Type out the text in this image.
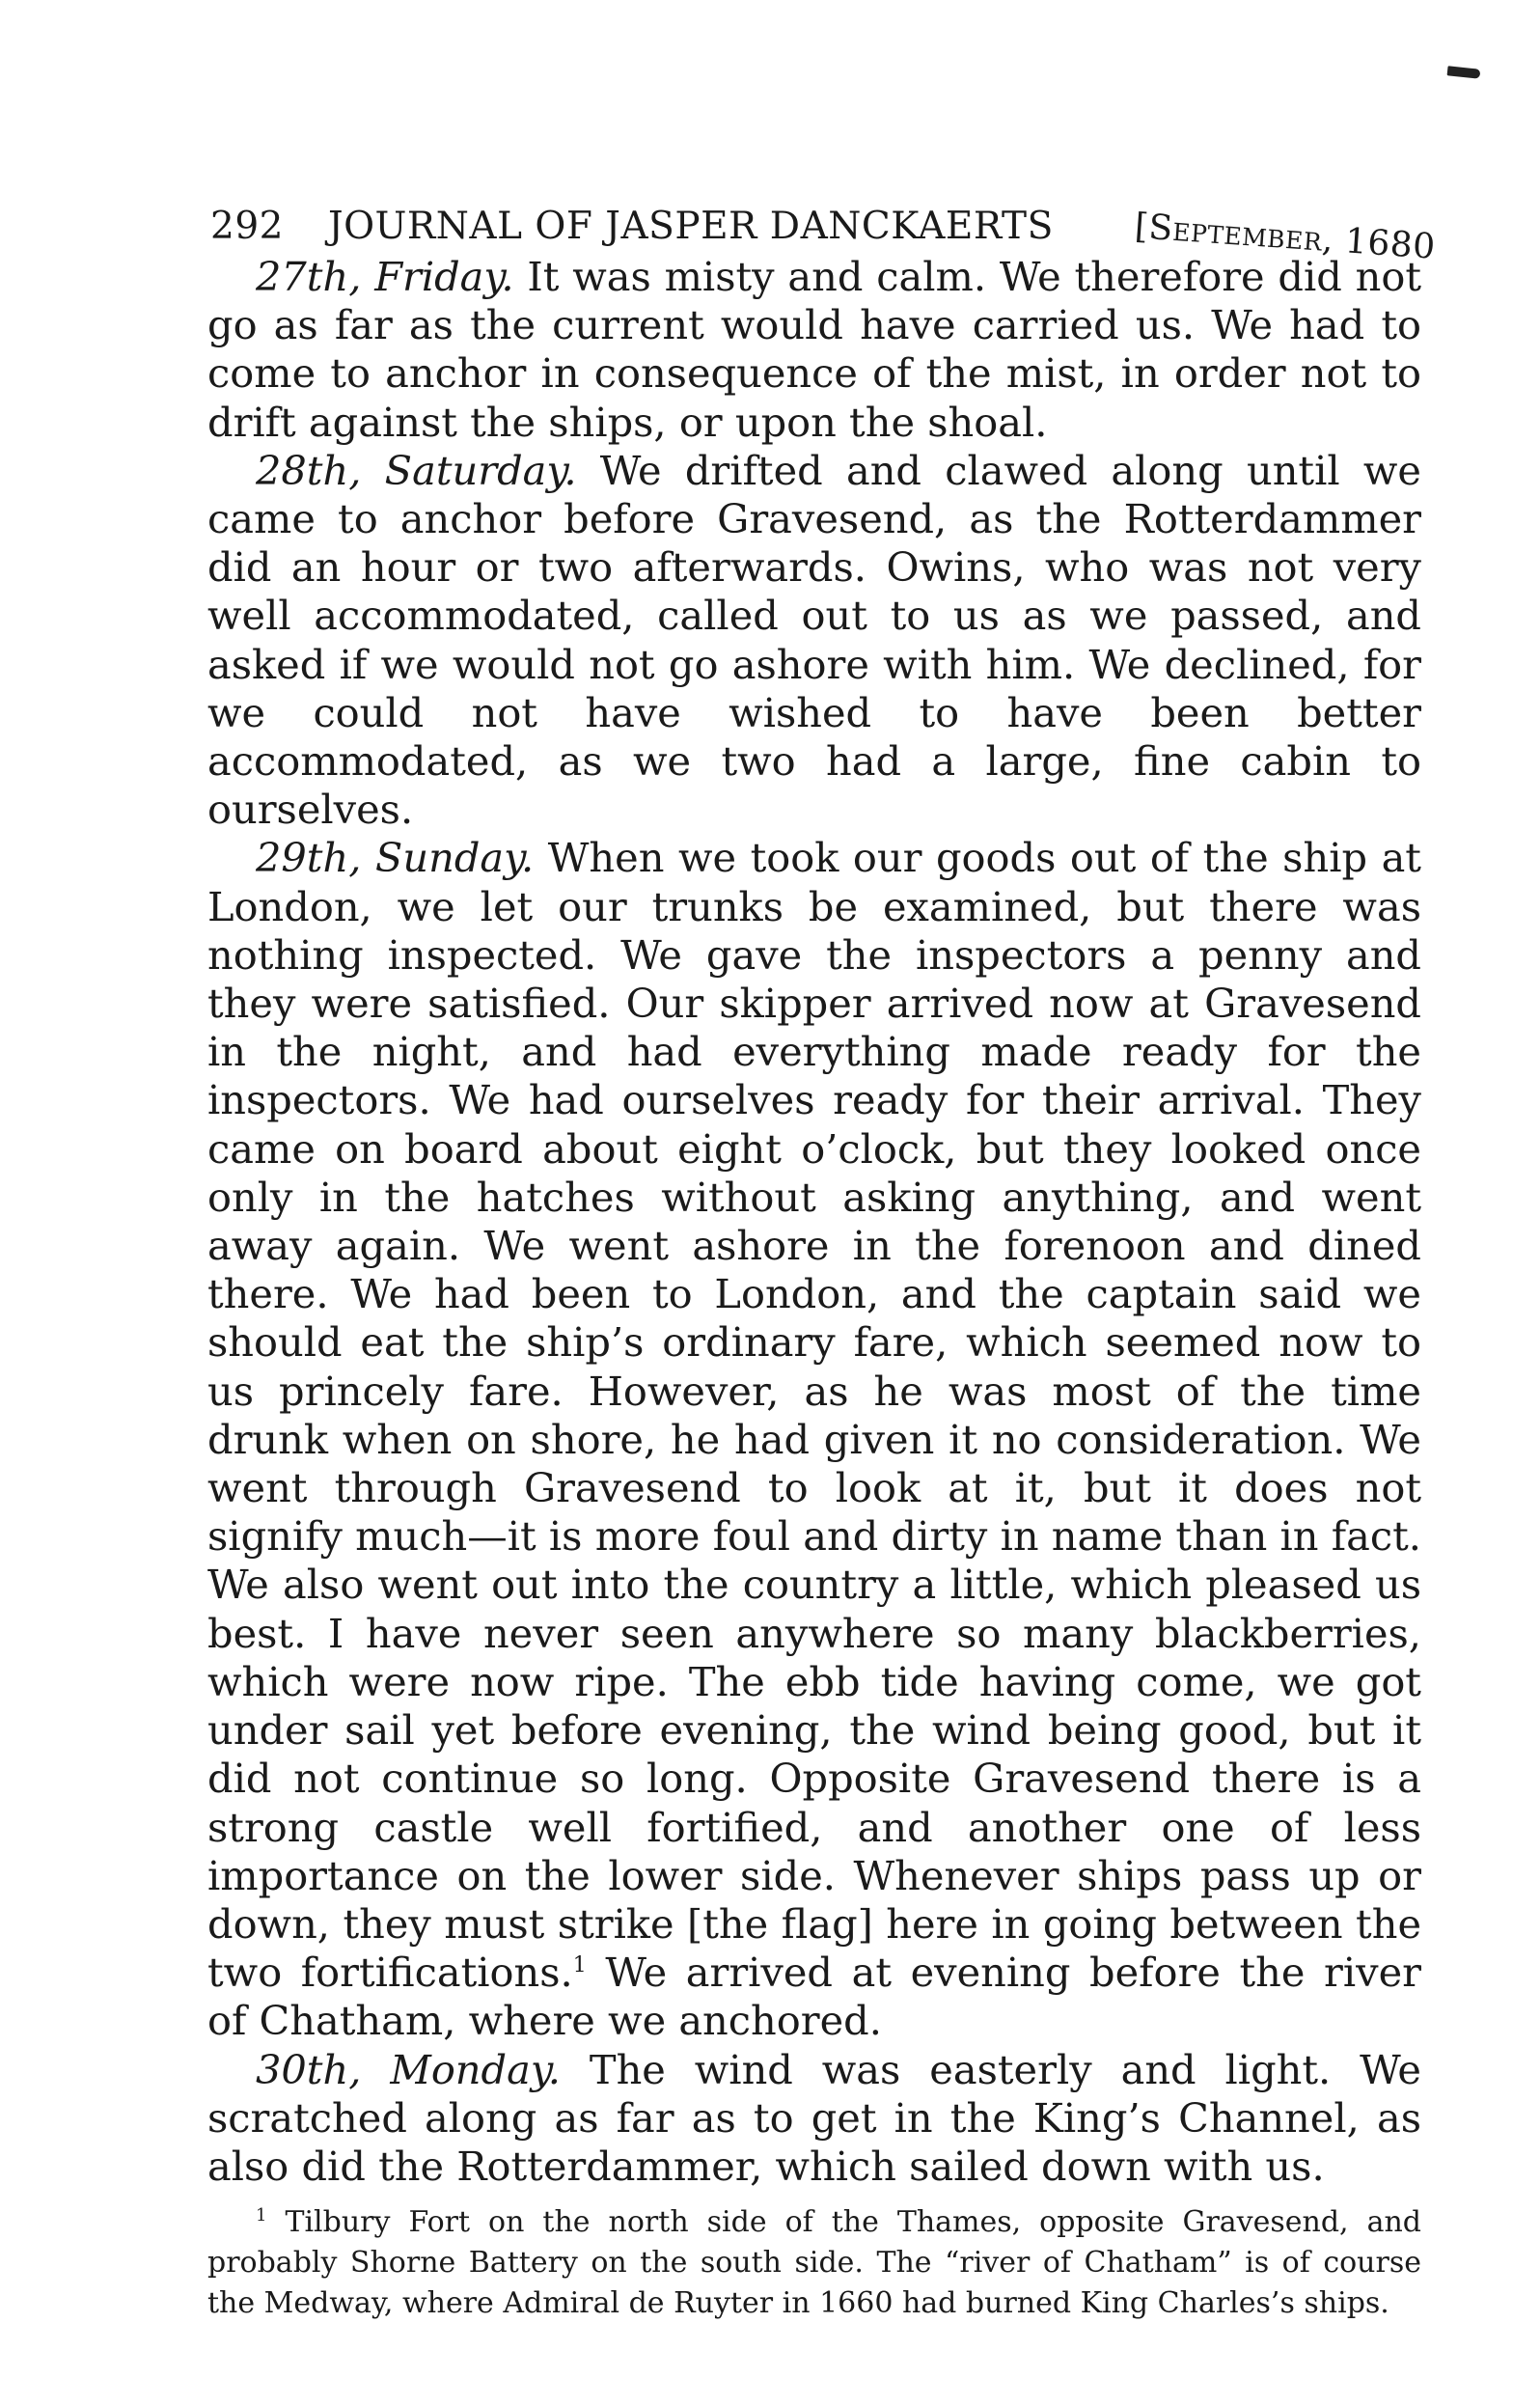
292 JOURNAL OF JASPER DANCKAERTS [September, 1680

27th, Friday. It was misty and calm. We therefore did not go as far as the current would have carried us. We had to come to anchor in consequence of the mist, in order not to drift against the ships, or upon the shoal.

28th, Saturday. We drifted and clawed along until we came to anchor before Gravesend, as the Rotterdammer did an hour or two afterwards. Owins, who was not very well accommodated, called out to us as we passed, and asked if we would not go ashore with him. We declined, for we could not have wished to have been better accommodated, as we two had a large, fine cabin to ourselves.

29th, Sunday. When we took our goods out of the ship at London, we let our trunks be examined, but there was nothing inspected. We gave the inspectors a penny and they were satisfied. Our skipper arrived now at Gravesend in the night, and had everything made ready for the inspectors. We had ourselves ready for their arrival. They came on board about eight o’clock, but they looked once only in the hatches without asking anything, and went away again. We went ashore in the forenoon and dined there. We had been to London, and the captain said we should eat the ship’s ordinary fare, which seemed now to us princely fare. However, as he was most of the time drunk when on shore, he had given it no consideration. We went through Gravesend to look at it, but it does not signify much—it is more foul and dirty in name than in fact. We also went out into the country a little, which pleased us best. I have never seen anywhere so many blackberries, which were now ripe. The ebb tide having come, we got under sail yet before evening, the wind being good, but it did not continue so long. Opposite Gravesend there is a strong castle well fortified, and another one of less importance on the lower side. Whenever ships pass up or down, they must strike [the flag] here in going between the two fortifications.$^1$ We arrived at evening before the river of Chatham, where we anchored.

30th, Monday. The wind was easterly and light. We scratched along as far as to get in the King’s Channel, as also did the Rotterdammer, which sailed down with us.

$^1$ Tilbury Fort on the north side of the Thames, opposite Gravesend, and probably Shorne Battery on the south side. The “river of Chatham” is of course the Medway, where Admiral de Ruyter in 1660 had burned King Charles’s ships.
